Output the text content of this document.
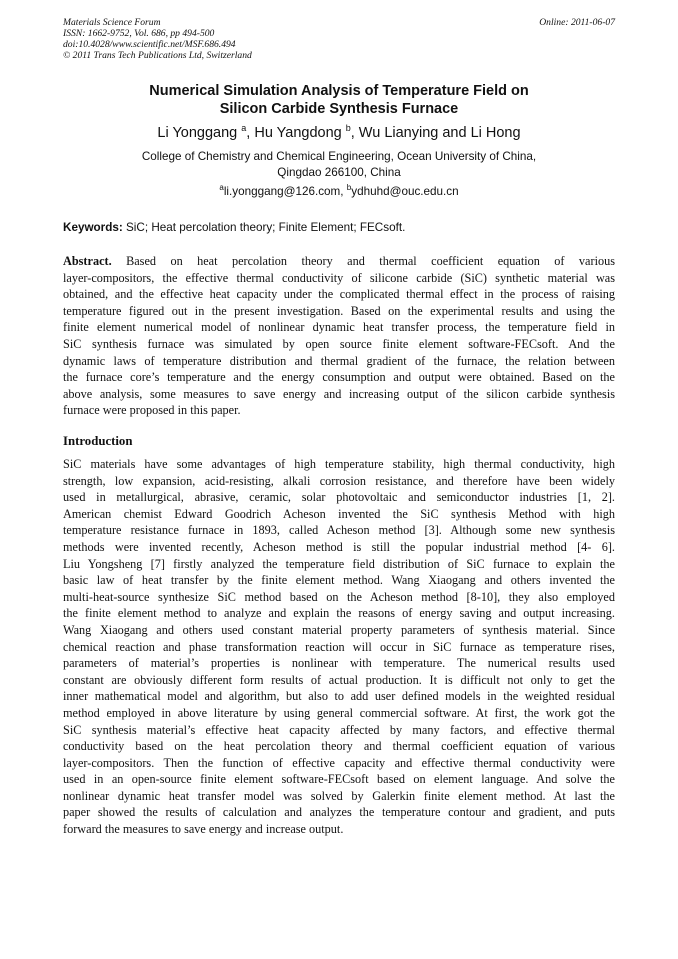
Materials Science Forum
ISSN: 1662-9752, Vol. 686, pp 494-500
doi:10.4028/www.scientific.net/MSF.686.494
© 2011 Trans Tech Publications Ltd, Switzerland
Online: 2011-06-07
Numerical Simulation Analysis of Temperature Field on
Silicon Carbide Synthesis Furnace
Li Yonggang $^a$, Hu Yangdong $^b$, Wu Lianying and Li Hong
College of Chemistry and Chemical Engineering, Ocean University of China,
Qingdao 266100, China
$^a$li.yonggang@126.com, $^b$ydhuhd@ouc.edu.cn
Keywords: SiC; Heat percolation theory; Finite Element; FECsoft.
Abstract. Based on heat percolation theory and thermal coefficient equation of various
layer-compositors, the effective thermal conductivity of silicone carbide (SiC) synthetic material was
obtained, and the effective heat capacity under the complicated thermal effect in the process of raising
temperature figured out in the present investigation. Based on the experimental results and using the
finite element numerical model of nonlinear dynamic heat transfer process, the temperature field in
SiC synthesis furnace was simulated by open source finite element software-FECsoft. And the
dynamic laws of temperature distribution and thermal gradient of the furnace, the relation between
the furnace core’s temperature and the energy consumption and output were obtained. Based on the
above analysis, some measures to save energy and increasing output of the silicon carbide synthesis
furnace were proposed in this paper.
Introduction
SiC materials have some advantages of high temperature stability, high thermal conductivity, high
strength, low expansion, acid-resisting, alkali corrosion resistance, and therefore have been widely
used in metallurgical, abrasive, ceramic, solar photovoltaic and semiconductor industries [1, 2].
American chemist Edward Goodrich Acheson invented the SiC synthesis Method with high
temperature resistance furnace in 1893, called Acheson method [3]. Although some new synthesis
methods were invented recently, Acheson method is still the popular industrial method [4- 6].
Liu Yongsheng [7] firstly analyzed the temperature field distribution of SiC furnace to explain the
basic law of heat transfer by the finite element method. Wang Xiaogang and others invented the
multi-heat-source synthesize SiC method based on the Acheson method [8-10], they also employed
the finite element method to analyze and explain the reasons of energy saving and output increasing.
Wang Xiaogang and others used constant material property parameters of synthesis material. Since
chemical reaction and phase transformation reaction will occur in SiC furnace as temperature rises,
parameters of material’s properties is nonlinear with temperature. The numerical results used
constant are obviously different form results of actual production. It is difficult not only to get the
inner mathematical model and algorithm, but also to add user defined models in the weighted residual
method employed in above literature by using general commercial software. At first, the work got the
SiC synthesis material’s effective heat capacity affected by many factors, and effective thermal
conductivity based on the heat percolation theory and thermal coefficient equation of various
layer-compositors. Then the function of effective capacity and effective thermal conductivity were
used in an open-source finite element software-FECsoft based on element language. And solve the
nonlinear dynamic heat transfer model was solved by Galerkin finite element method. At last the
paper showed the results of calculation and analyzes the temperature contour and gradient, and puts
forward the measures to save energy and increase output.
